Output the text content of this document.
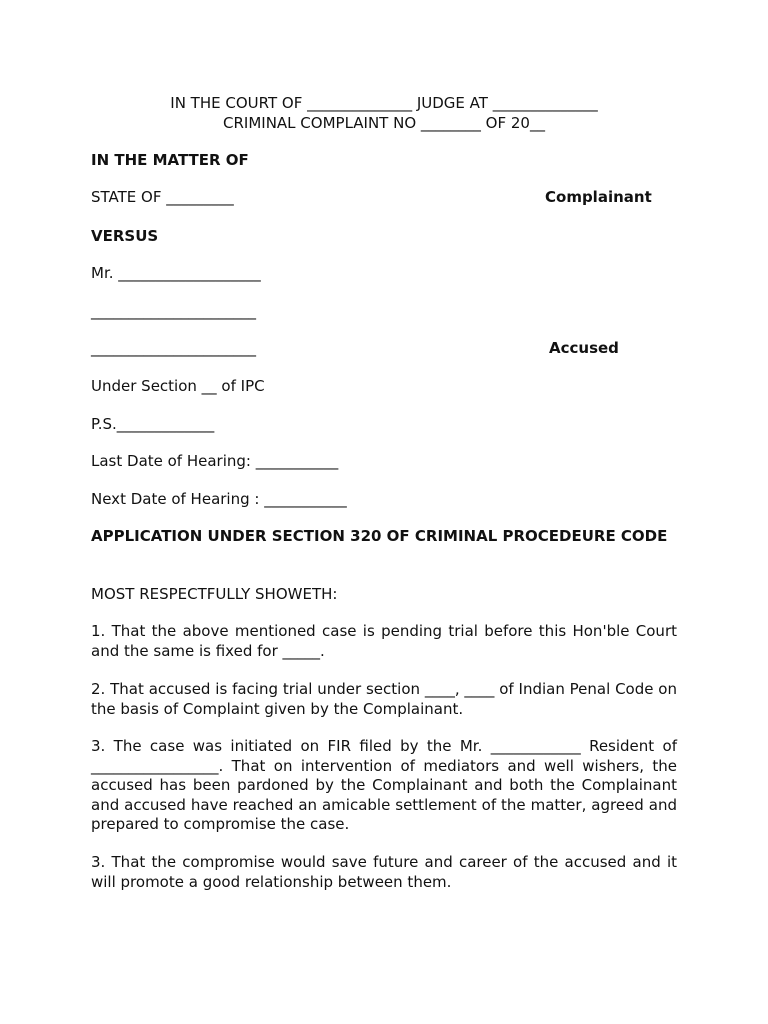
IN THE COURT OF ______________ JUDGE AT ______________
CRIMINAL COMPLAINT NO ________ OF 20__
IN THE MATTER OF
STATE OF _________	Complainant
VERSUS
Mr. ___________________
______________________
______________________	Accused
Under Section __ of IPC
P.S._____________
Last Date of Hearing: ___________
Next Date of Hearing : ___________
APPLICATION UNDER SECTION 320 OF CRIMINAL PROCEDEURE CODE
MOST RESPECTFULLY SHOWETH:
1. That the above mentioned case is pending trial before this Hon'ble Court and the same is fixed for _____.
2. That accused is facing trial under section ____, ____ of Indian Penal Code on the basis of Complaint given by the Complainant.
3. The case was initiated on FIR filed by the Mr. ____________ Resident of _________________. That on intervention of mediators and well wishers, the accused has been pardoned by the Complainant and both the Complainant and accused have reached an amicable settlement of the matter, agreed and prepared to compromise the case.
3. That the compromise would save future and career of the accused and it will promote a good relationship between them.
